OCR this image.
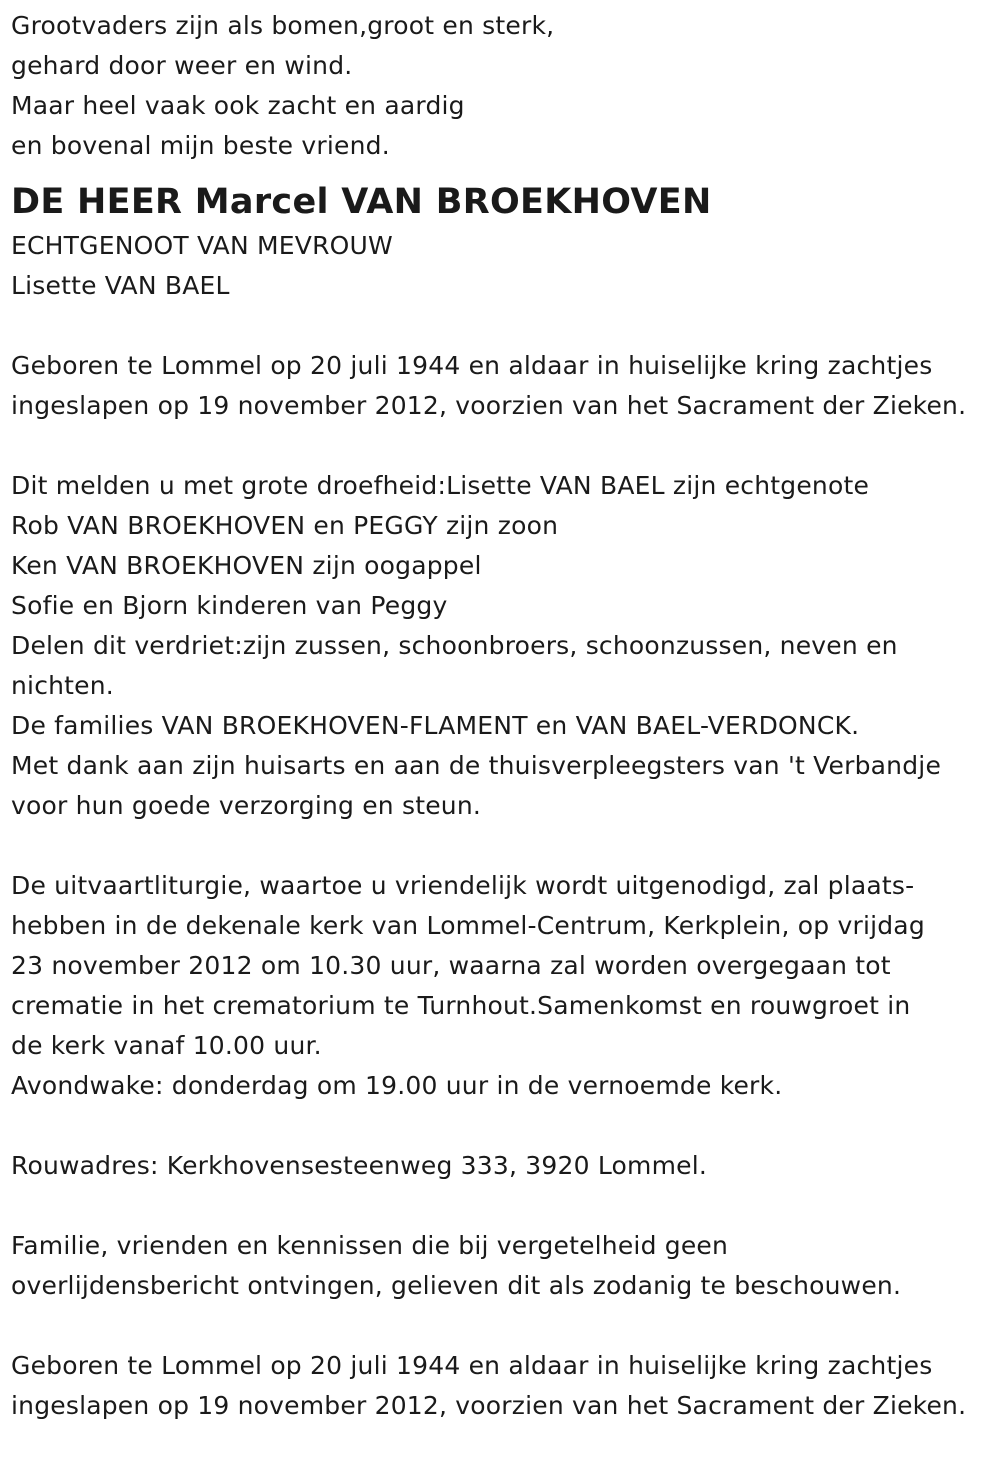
Grootvaders zijn als bomen,groot en sterk,
gehard door weer en wind.
Maar heel vaak ook zacht en aardig
en bovenal mijn beste vriend.
DE HEER Marcel VAN BROEKHOVEN
ECHTGENOOT VAN MEVROUW
Lisette VAN BAEL
Geboren te Lommel op 20 juli 1944 en aldaar in huiselijke kring zachtjes
ingeslapen op 19 november 2012, voorzien van het Sacrament der Zieken.
Dit melden u met grote droefheid:Lisette VAN BAEL zijn echtgenote
Rob VAN BROEKHOVEN en PEGGY zijn zoon
Ken VAN BROEKHOVEN zijn oogappel
Sofie en Bjorn kinderen van Peggy
Delen dit verdriet:zijn zussen, schoonbroers, schoonzussen, neven en
nichten.
De families VAN BROEKHOVEN-FLAMENT en VAN BAEL-VERDONCK.
Met dank aan zijn huisarts en aan de thuisverpleegsters van 't Verbandje
voor hun goede verzorging en steun.
De uitvaartliturgie, waartoe u vriendelijk wordt uitgenodigd, zal plaats-
hebben in de dekenale kerk van Lommel-Centrum, Kerkplein, op vrijdag
23 november 2012 om 10.30 uur, waarna zal worden overgegaan tot
crematie in het crematorium te Turnhout.Samenkomst en rouwgroet in
de kerk vanaf 10.00 uur.
Avondwake: donderdag om 19.00 uur in de vernoemde kerk.
Rouwadres: Kerkhovensesteenweg 333, 3920 Lommel.
Familie, vrienden en kennissen die bij vergetelheid geen
overlijdensbericht ontvingen, gelieven dit als zodanig te beschouwen.
Geboren te Lommel op 20 juli 1944 en aldaar in huiselijke kring zachtjes
ingeslapen op 19 november 2012, voorzien van het Sacrament der Zieken.
